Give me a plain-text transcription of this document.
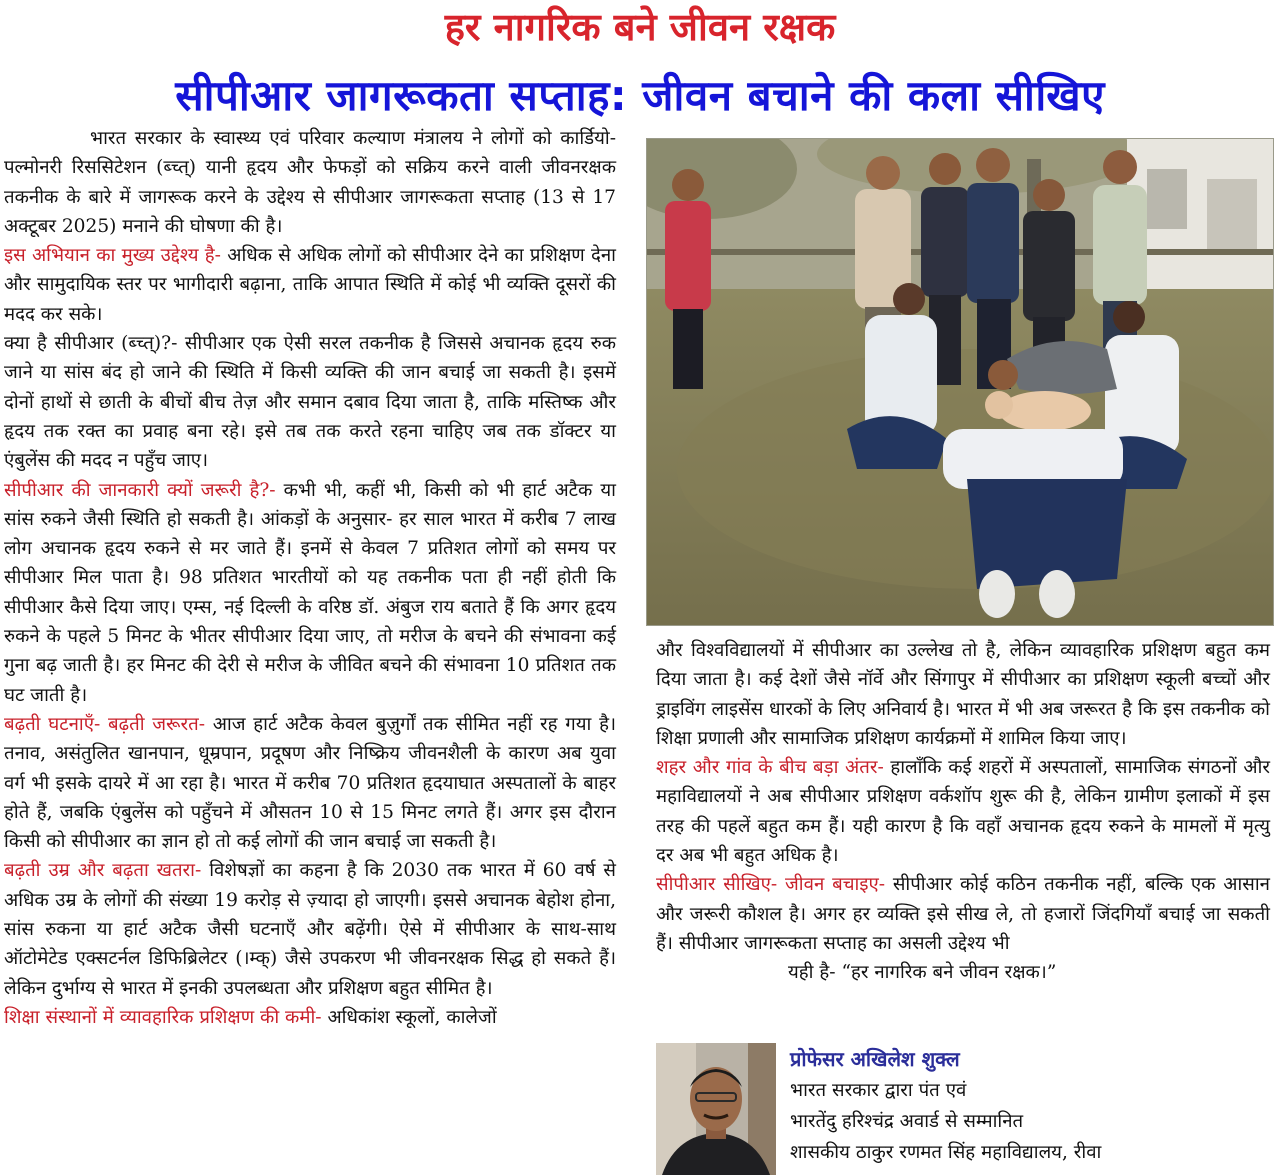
हर नागरिक बने जीवन रक्षक
सीपीआर जागरूकता सप्ताह: जीवन बचाने की कला सीखिए

भारत सरकार के स्वास्थ्य एवं परिवार कल्याण मंत्रालय ने लोगों को कार्डियो-पल्मोनरी रिससिटेशन (ब्च्त्) यानी हृदय और फेफड़ों को सक्रिय करने वाली जीवनरक्षक तकनीक के बारे में जागरूक करने के उद्देश्य से सीपीआर जागरूकता सप्ताह (13 से 17 अक्टूबर 2025) मनाने की घोषणा की है।

इस अभियान का मुख्य उद्देश्य है- अधिक से अधिक लोगों को सीपीआर देने का प्रशिक्षण देना और सामुदायिक स्तर पर भागीदारी बढ़ाना, ताकि आपात स्थिति में कोई भी व्यक्ति दूसरों की मदद कर सके।

क्या है सीपीआर (ब्च्त्)?- सीपीआर एक ऐसी सरल तकनीक है जिससे अचानक हृदय रुक जाने या सांस बंद हो जाने की स्थिति में किसी व्यक्ति की जान बचाई जा सकती है। इसमें दोनों हाथों से छाती के बीचों बीच तेज़ और समान दबाव दिया जाता है, ताकि मस्तिष्क और हृदय तक रक्त का प्रवाह बना रहे। इसे तब तक करते रहना चाहिए जब तक डॉक्टर या एंबुलेंस की मदद न पहुँच जाए।

सीपीआर की जानकारी क्यों जरूरी है?- कभी भी, कहीं भी, किसी को भी हार्ट अटैक या सांस रुकने जैसी स्थिति हो सकती है। आंकड़ों के अनुसार- हर साल भारत में करीब 7 लाख लोग अचानक हृदय रुकने से मर जाते हैं। इनमें से केवल 7 प्रतिशत लोगों को समय पर सीपीआर मिल पाता है। 98 प्रतिशत भारतीयों को यह तकनीक पता ही नहीं होती कि सीपीआर कैसे दिया जाए। एम्स, नई दिल्ली के वरिष्ठ डॉ. अंबुज राय बताते हैं कि अगर हृदय रुकने के पहले 5 मिनट के भीतर सीपीआर दिया जाए, तो मरीज के बचने की संभावना कई गुना बढ़ जाती है। हर मिनट की देरी से मरीज के जीवित बचने की संभावना 10 प्रतिशत तक घट जाती है।

बढ़ती घटनाएँ- बढ़ती जरूरत- आज हार्ट अटैक केवल बुज़ुर्गों तक सीमित नहीं रह गया है। तनाव, असंतुलित खानपान, धूम्रपान, प्रदूषण और निष्क्रिय जीवनशैली के कारण अब युवा वर्ग भी इसके दायरे में आ रहा है। भारत में करीब 70 प्रतिशत हृदयाघात अस्पतालों के बाहर होते हैं, जबकि एंबुलेंस को पहुँचने में औसतन 10 से 15 मिनट लगते हैं। अगर इस दौरान किसी को सीपीआर का ज्ञान हो तो कई लोगों की जान बचाई जा सकती है।

बढ़ती उम्र और बढ़ता खतरा- विशेषज्ञों का कहना है कि 2030 तक भारत में 60 वर्ष से अधिक उम्र के लोगों की संख्या 19 करोड़ से ज़्यादा हो जाएगी। इससे अचानक बेहोश होना, सांस रुकना या हार्ट अटैक जैसी घटनाएँ और बढ़ेंगी। ऐसे में सीपीआर के साथ-साथ ऑटोमेटेड एक्सटर्नल डिफिब्रिलेटर (।म्क्) जैसे उपकरण भी जीवनरक्षक सिद्ध हो सकते हैं। लेकिन दुर्भाग्य से भारत में इनकी उपलब्धता और प्रशिक्षण बहुत सीमित है।

शिक्षा संस्थानों में व्यावहारिक प्रशिक्षण की कमी- अधिकांश स्कूलों, कालेजों

और विश्वविद्यालयों में सीपीआर का उल्लेख तो है, लेकिन व्यावहारिक प्रशिक्षण बहुत कम दिया जाता है। कई देशों जैसे नॉर्वे और सिंगापुर में सीपीआर का प्रशिक्षण स्कूली बच्चों और ड्राइविंग लाइसेंस धारकों के लिए अनिवार्य है। भारत में भी अब जरूरत है कि इस तकनीक को शिक्षा प्रणाली और सामाजिक प्रशिक्षण कार्यक्रमों में शामिल किया जाए।

शहर और गांव के बीच बड़ा अंतर- हालाँकि कई शहरों में अस्पतालों, सामाजिक संगठनों और महाविद्यालयों ने अब सीपीआर प्रशिक्षण वर्कशॉप शुरू की है, लेकिन ग्रामीण इलाकों में इस तरह की पहलें बहुत कम हैं। यही कारण है कि वहाँ अचानक हृदय रुकने के मामलों में मृत्यु दर अब भी बहुत अधिक है।

सीपीआर सीखिए- जीवन बचाइए- सीपीआर कोई कठिन तकनीक नहीं, बल्कि एक आसान और जरूरी कौशल है। अगर हर व्यक्ति इसे सीख ले, तो हजारों जिंदगियाँ बचाई जा सकती हैं। सीपीआर जागरूकता सप्ताह का असली उद्देश्य भी

यही है- “हर नागरिक बने जीवन रक्षक।”

प्रोफेसर अखिलेश शुक्ल
भारत सरकार द्वारा पंत एवं
भारतेंदु हरिश्चंद्र अवार्ड से सम्मानित
शासकीय ठाकुर रणमत सिंह महाविद्यालय, रीवा
